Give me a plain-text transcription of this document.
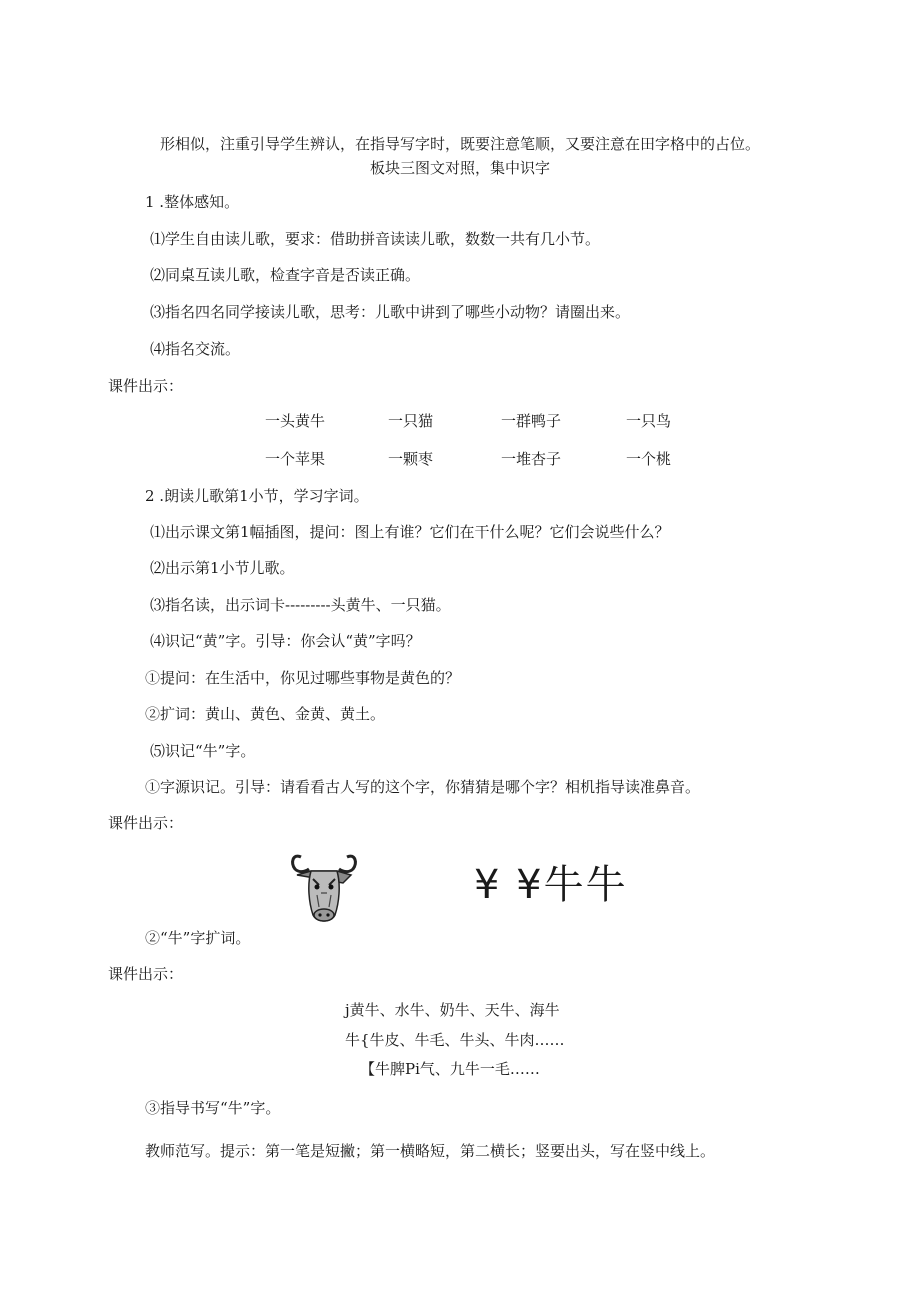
形相似，注重引导学生辨认，在指导写字时，既要注意笔顺，又要注意在田字格中的占位。
板块三图文对照，集中识字
1 .整体感知。
⑴学生自由读儿歌，要求：借助拼音读读儿歌，数数一共有几小节。
⑵同桌互读儿歌，检查字音是否读正确。
⑶指名四名同学接读儿歌，思考：儿歌中讲到了哪些小动物？请圈出来。
⑷指名交流。
课件出示：
一头黄牛	一只猫	一群鸭子	一只鸟
一个苹果	一颗枣	一堆杏子	一个桃
2 .朗读儿歌第1小节，学习字词。
⑴出示课文第1幅插图，提问：图上有谁？它们在干什么呢？它们会说些什么？
⑵出示第1小节儿歌。
⑶指名读，出示词卡---------头黄牛、一只猫。
⑷识记“黄”字。引导：你会认“黄”字吗？
①提问：在生活中，你见过哪些事物是黄色的？
②扩词：黄山、黄色、金黄、黄土。
⑸识记“牛”字。
①字源识记。引导：请看看古人写的这个字，你猜猜是哪个字？相机指导读准鼻音。
课件出示：
¥ ¥牛牛
②“牛”字扩词。
课件出示：
j黄牛、水牛、奶牛、天牛、海牛
牛{牛皮、牛毛、牛头、牛肉……
【牛脾Pi气、九牛一毛……
③指导书写“牛”字。
教师范写。提示：第一笔是短撇；第一横略短，第二横长；竖要出头，写在竖中线上。
